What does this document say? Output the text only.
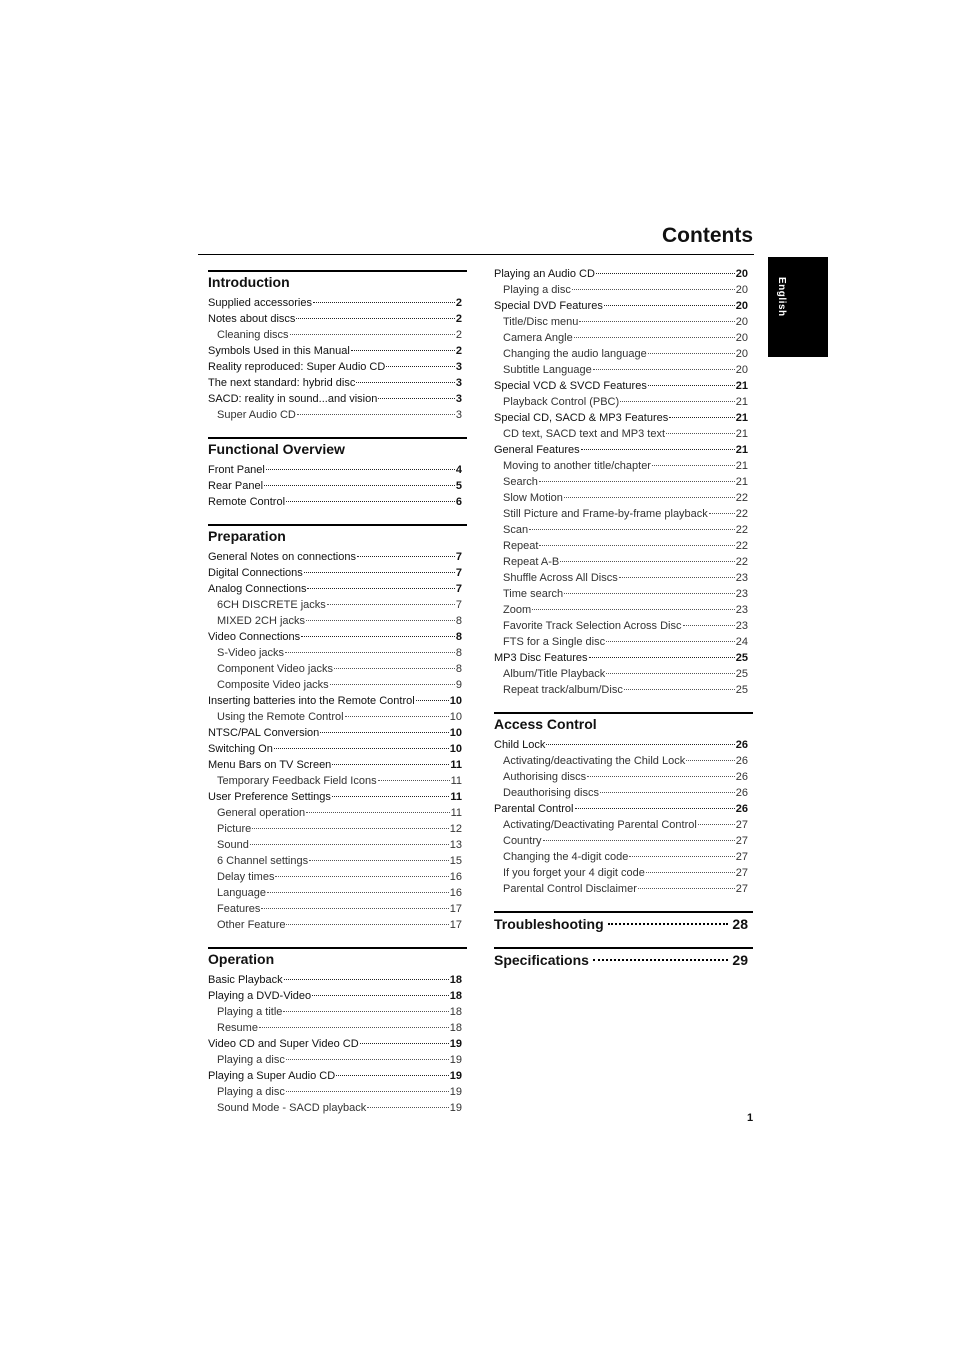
Contents
English
Introduction
Supplied accessories	2
Notes about discs	2
Cleaning discs	2
Symbols Used in this Manual	2
Reality reproduced: Super Audio CD	3
The next standard: hybrid disc	3
SACD: reality in sound...and vision	3
Super Audio CD	3
Functional Overview
Front Panel	4
Rear Panel	5
Remote Control	6
Preparation
General Notes on connections	7
Digital Connections	7
Analog Connections	7
6CH DISCRETE jacks	7
MIXED 2CH jacks	8
Video Connections	8
S-Video jacks	8
Component Video jacks	8
Composite Video jacks	9
Inserting batteries into the Remote Control	10
Using the Remote Control	10
NTSC/PAL Conversion	10
Switching On	10
Menu Bars on TV Screen	11
Temporary Feedback Field Icons	11
User Preference Settings	11
General operation	11
Picture	12
Sound	13
6 Channel settings	15
Delay times	16
Language	16
Features	17
Other Feature	17
Operation
Basic Playback	18
Playing a DVD-Video	18
Playing a title	18
Resume	18
Video CD and Super Video CD	19
Playing a disc	19
Playing a Super Audio CD	19
Playing a disc	19
Sound Mode - SACD playback	19
Playing an Audio CD	20
Playing a disc	20
Special DVD Features	20
Title/Disc menu	20
Camera Angle	20
Changing the audio language	20
Subtitle Language	20
Special VCD & SVCD Features	21
Playback Control (PBC)	21
Special CD, SACD & MP3 Features	21
CD text, SACD text and MP3 text	21
General Features	21
Moving to another title/chapter	21
Search	21
Slow Motion	22
Still Picture and Frame-by-frame playback	22
Scan	22
Repeat	22
Repeat A-B	22
Shuffle Across All Discs	23
Time search	23
Zoom	23
Favorite Track Selection Across Disc	23
FTS for a Single disc	24
MP3 Disc Features	25
Album/Title Playback	25
Repeat track/album/Disc	25
Access Control
Child Lock	26
Activating/deactivating the Child Lock	26
Authorising discs	26
Deauthorising discs	26
Parental Control	26
Activating/Deactivating Parental Control	27
Country	27
Changing the 4-digit code	27
If you forget your 4 digit code	27
Parental Control Disclaimer	27
Troubleshooting	28
Specifications	29
1
